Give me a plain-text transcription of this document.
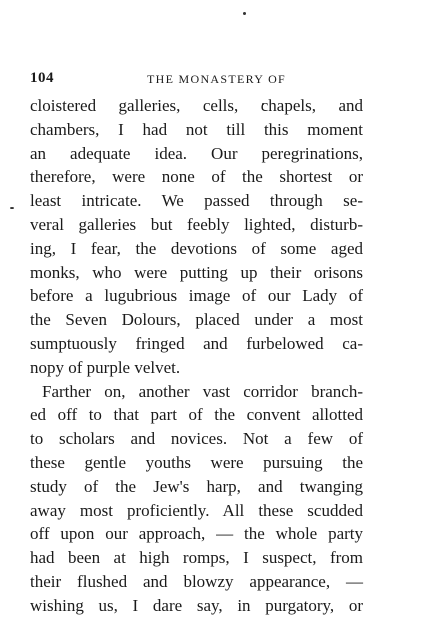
104	THE MONASTERY OF
cloistered galleries, cells, chapels, and
chambers, I had not till this moment
an adequate idea. Our peregrinations,
therefore, were none of the shortest or
least intricate. We passed through se-
veral galleries but feebly lighted, disturb-
ing, I fear, the devotions of some aged
monks, who were putting up their orisons
before a lugubrious image of our Lady of
the Seven Dolours, placed under a most
sumptuously fringed and furbelowed ca-
nopy of purple velvet.
Farther on, another vast corridor branch-
ed off to that part of the convent allotted
to scholars and novices. Not a few of
these gentle youths were pursuing the
study of the Jew's harp, and twanging
away most proficiently. All these scudded
off upon our approach, — the whole party
had been at high romps, I suspect, from
their flushed and blowzy appearance, —
wishing us, I dare say, in purgatory, or
